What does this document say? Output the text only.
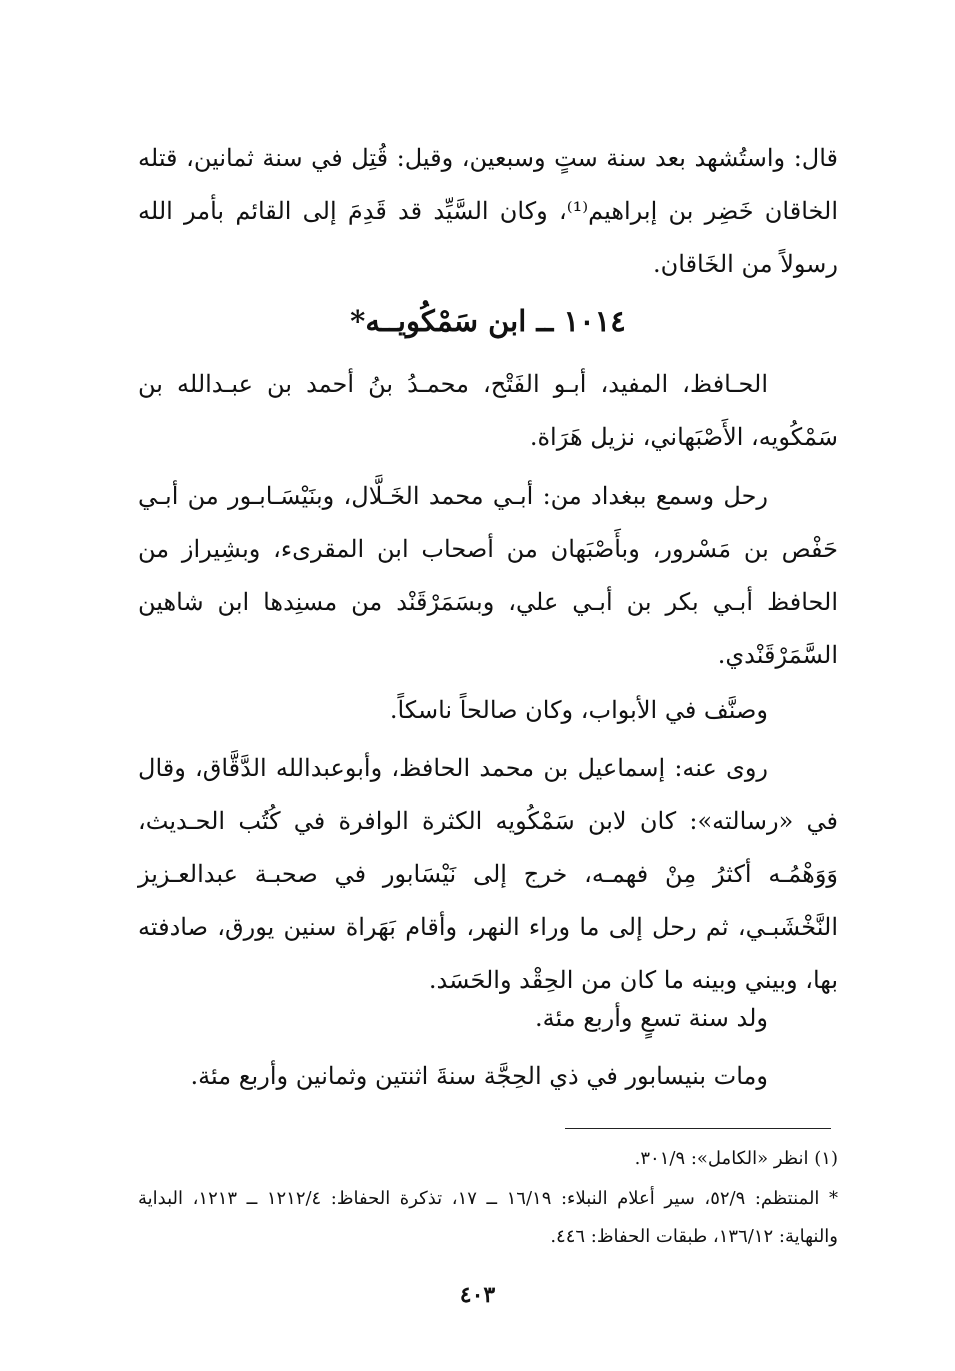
قال: واستُشهد بعد سنة ستٍ وسبعين، وقيل: قُتِل في سنة ثمانين، قتله الخاقان خَضِر بن إبراهيم⁽¹⁾، وكان السَّيِّد قد قَدِمَ إلى القائم بأمر الله رسولاً من الخَاقان.

١٠١٤ ــ ابن سَمْكُويــه*

الحـافظ، المفيد، أبـو الفَتْح، محمـدُ بنُ أحمد بن عبـدالله بن سَمْكُويه، الأَصْبَهاني، نزيل هَرَاة.

رحل وسمع ببغداد من: أبـي محمد الخَـلَّال، وبنَيْسَـابـور من أبـي حَفْص بن مَسْرور، وبأَصْبَهان من أصحاب ابن المقرىء، وبشِيراز من الحافظ أبـي بكر بن أبـي علي، وبسَمَرْقَنْد من مسنِدها ابن شاهين السَّمَرْقَنْدي.

وصنَّف في الأبواب، وكان صالحاً ناسكاً.

روى عنه: إسماعيل بن محمد الحافظ، وأبوعبدالله الدَّقَّاق، وقال في «رسالته»: كان لابن سَمْكُويه الكثرة الوافرة في كُتُب الحـديث، وَوَهْمُـه أكثرُ مِنْ فهمـه، خرج إلى نَيْسَابور في صحبـة عبدالعـزيز النَّخْشَبـي، ثم رحل إلى ما وراء النهر، وأقام بَهَراة سنين يورق، صادفته بها، وبيني وبينه ما كان من الحِقْد والحَسَد.

ولد سنة تسعٍ وأربع مئة.

ومات بنيسابور في ذي الحِجَّة سنةَ اثنتين وثمانين وأربع مئة.

(١) انظر «الكامل»: ٣٠١/٩.

* المنتظم: ٥٢/٩، سير أعلام النبلاء: ١٦/١٩ ــ ١٧، تذكرة الحفاظ: ١٢١٢/٤ ــ ١٢١٣، البداية والنهاية: ١٣٦/١٢، طبقات الحفاظ: ٤٤٦.

٤٠٣
